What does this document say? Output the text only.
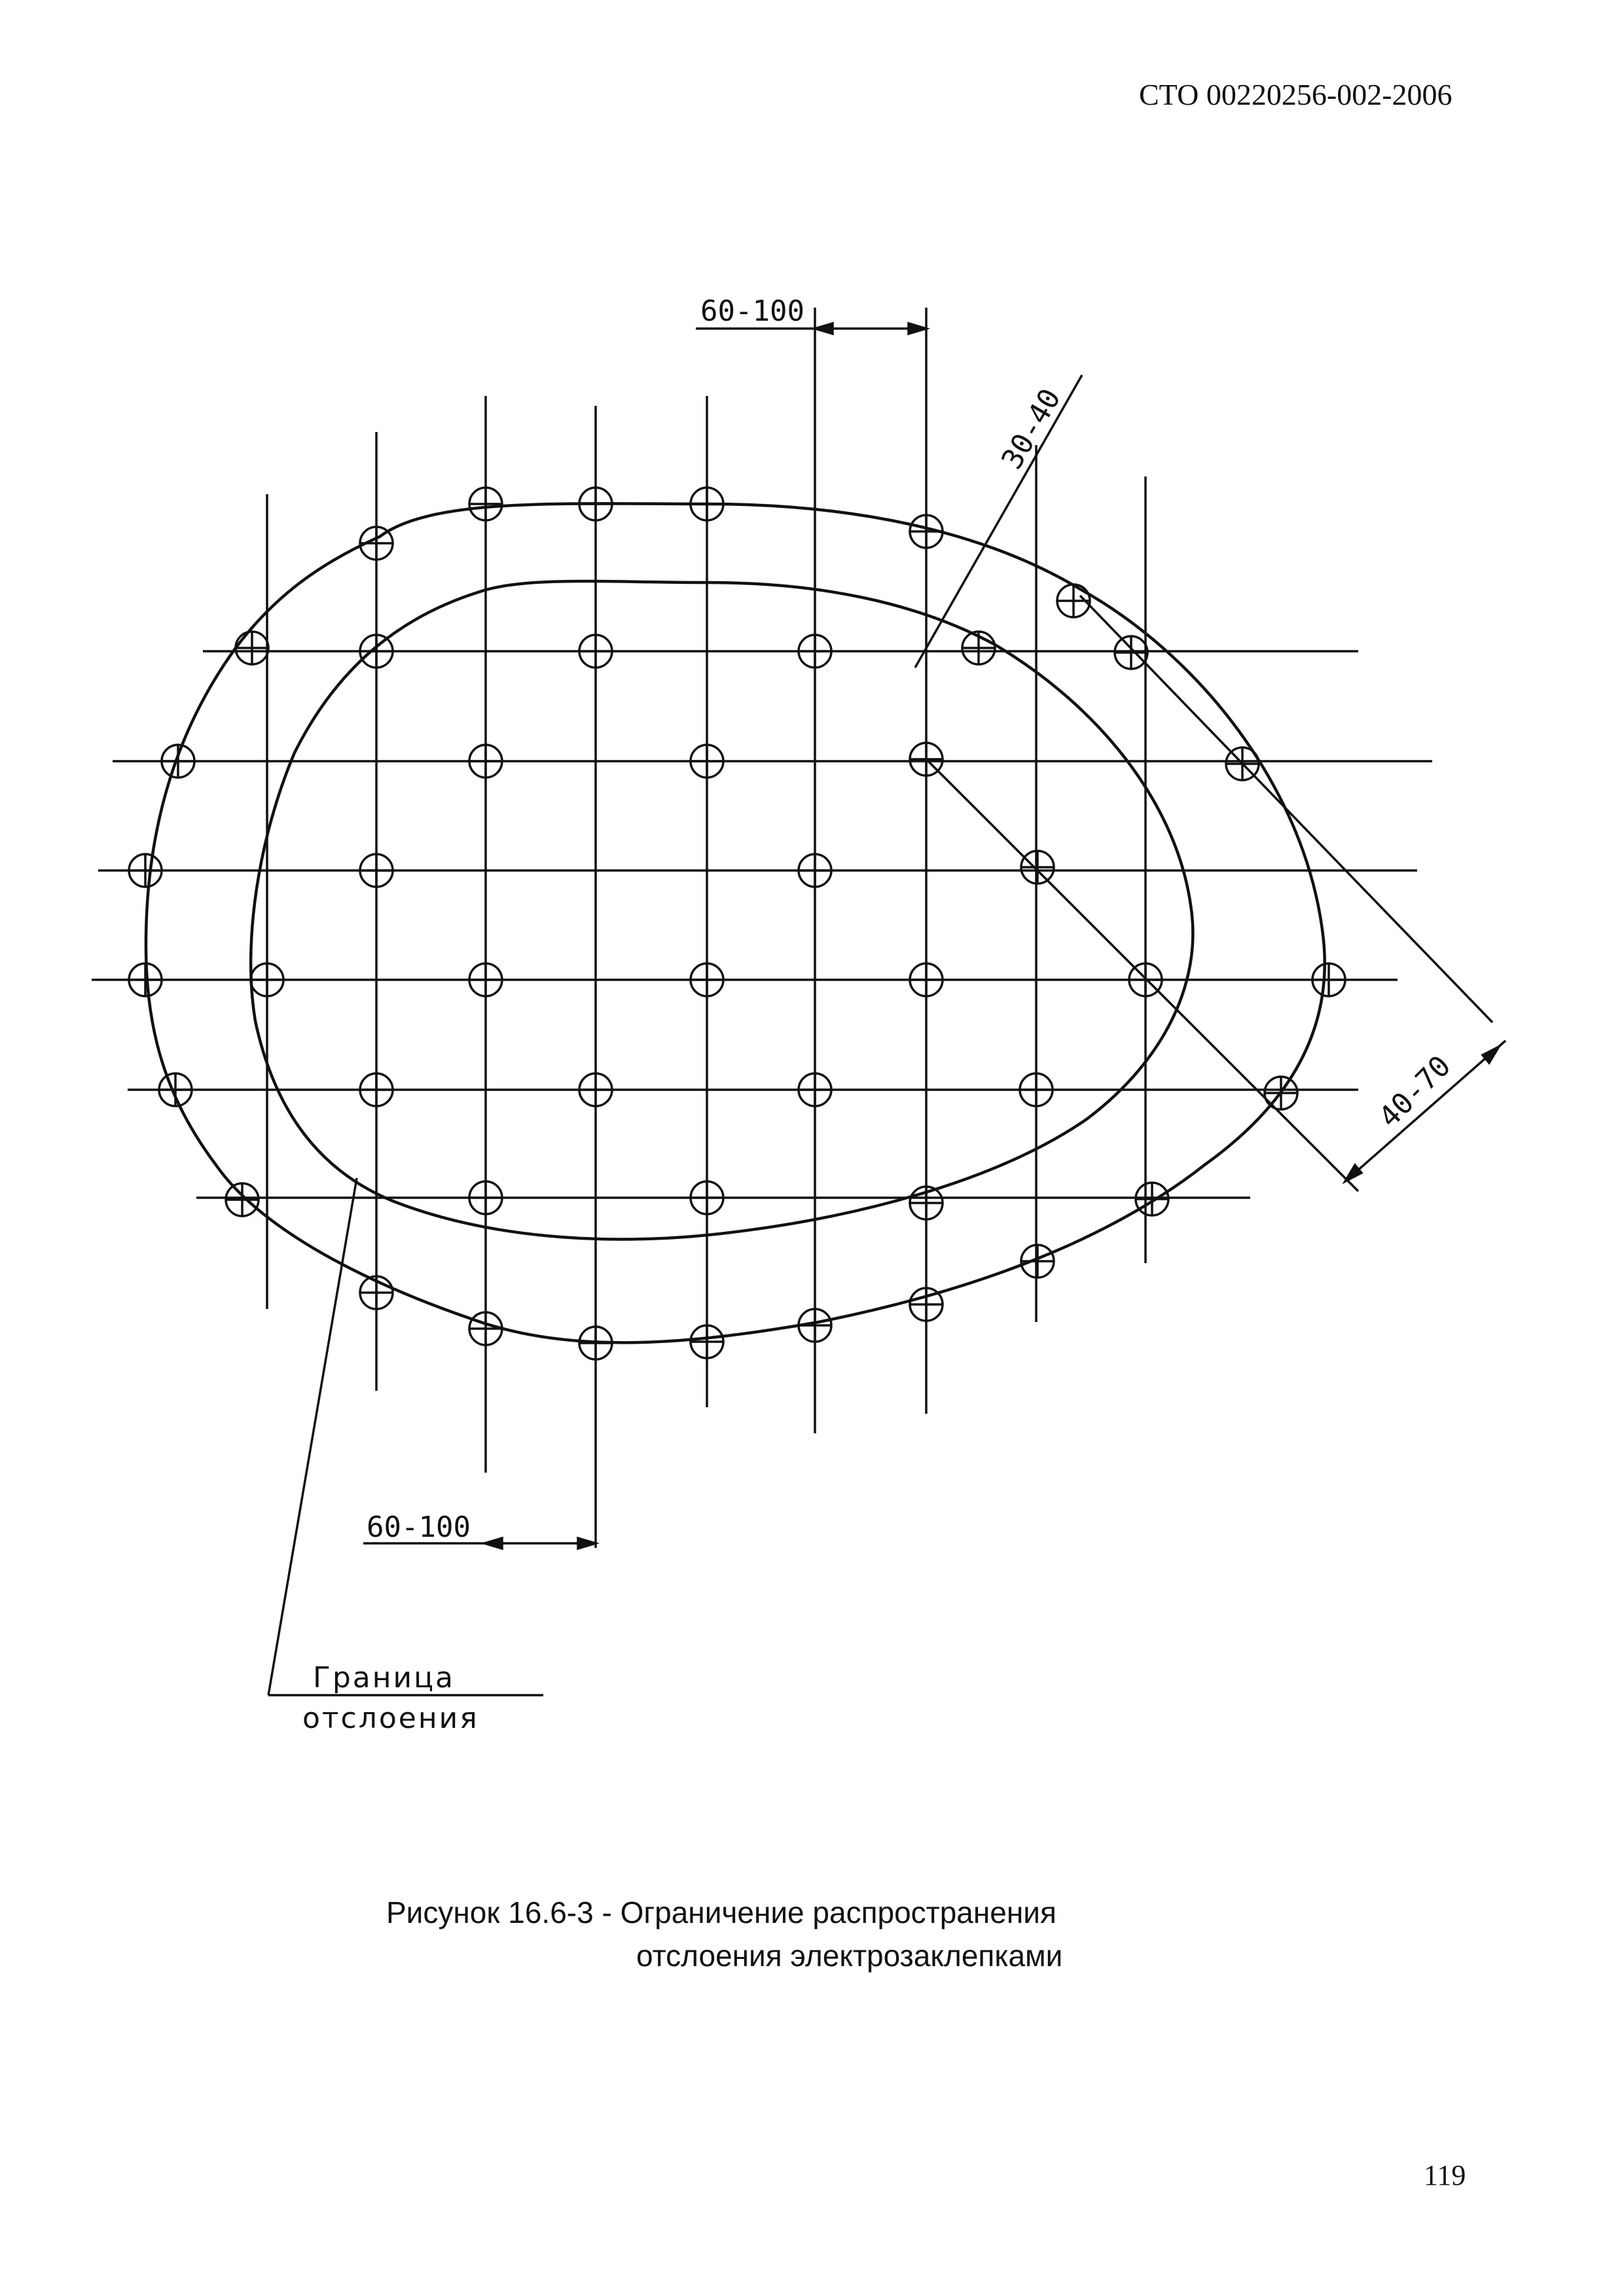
СТО 00220256-002-2006
60-100
60-100
30-40
40-70
Граница
отслоения
Рисунок 16.6-3 - Ограничение распространения
отслоения электрозаклепками
119
